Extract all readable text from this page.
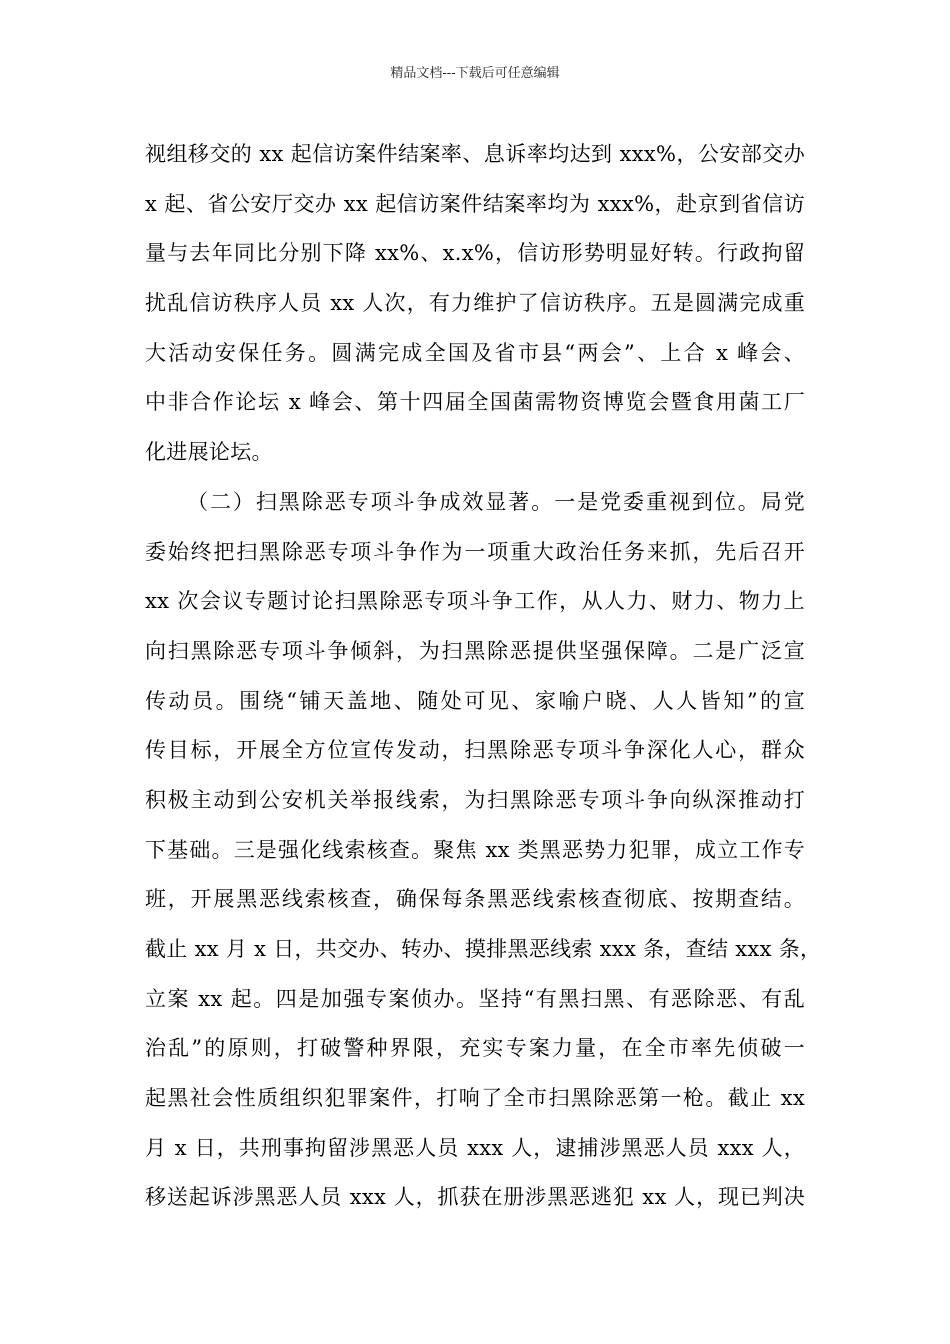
精品文档---下载后可任意编辑
视组移交的 xx 起信访案件结案率、息诉率均达到 xxx%，公安部交办
x 起、省公安厅交办 xx 起信访案件结案率均为 xxx%，赴京到省信访
量与去年同比分别下降 xx%、x.x%，信访形势明显好转。行政拘留
扰乱信访秩序人员 xx 人次，有力维护了信访秩序。五是圆满完成重
大活动安保任务。圆满完成全国及省市县“两会”、上合 x 峰会、
中非合作论坛 x 峰会、第十四届全国菌需物资博览会暨食用菌工厂
化进展论坛。
（二）扫黑除恶专项斗争成效显著。一是党委重视到位。局党
委始终把扫黑除恶专项斗争作为一项重大政治任务来抓，先后召开
xx 次会议专题讨论扫黑除恶专项斗争工作，从人力、财力、物力上
向扫黑除恶专项斗争倾斜，为扫黑除恶提供坚强保障。二是广泛宣
传动员。围绕“铺天盖地、随处可见、家喻户晓、人人皆知”的宣
传目标，开展全方位宣传发动，扫黑除恶专项斗争深化人心，群众
积极主动到公安机关举报线索，为扫黑除恶专项斗争向纵深推动打
下基础。三是强化线索核查。聚焦 xx 类黑恶势力犯罪，成立工作专
班，开展黑恶线索核查，确保每条黑恶线索核查彻底、按期查结。
截止 xx 月 x 日，共交办、转办、摸排黑恶线索 xxx 条，查结 xxx 条，
立案 xx 起。四是加强专案侦办。坚持“有黑扫黑、有恶除恶、有乱
治乱”的原则，打破警种界限，充实专案力量，在全市率先侦破一
起黑社会性质组织犯罪案件，打响了全市扫黑除恶第一枪。截止 xx
月 x 日，共刑事拘留涉黑恶人员 xxx 人，逮捕涉黑恶人员 xxx 人，
移送起诉涉黑恶人员 xxx 人，抓获在册涉黑恶逃犯 xx 人，现已判决
